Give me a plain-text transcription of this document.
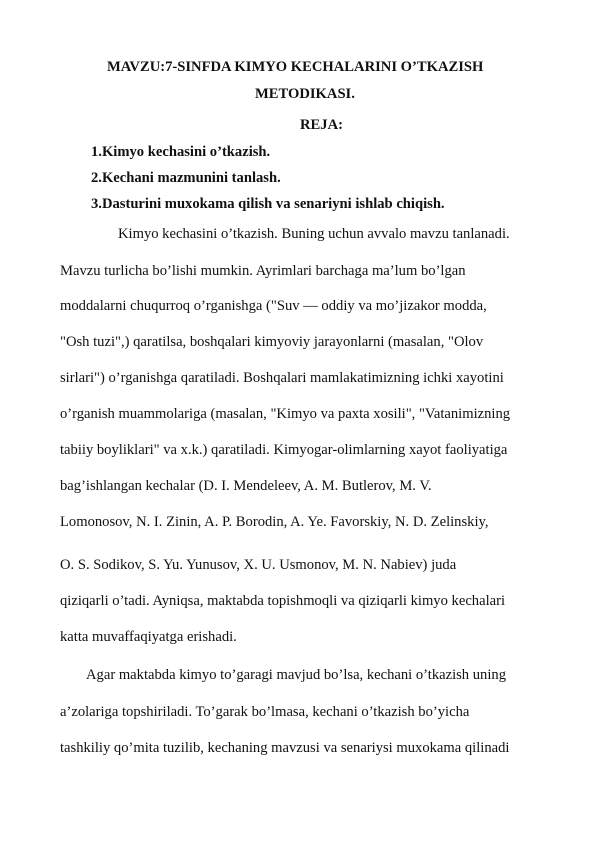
MAVZU:7-SINFDA KIMYO KECHALARINI O’TKAZISH
METODIKASI.
REJA:
1.Kimyo kechasini o’tkazish.
2.Kechani mazmunini tanlash.
3.Dasturini muxokama qilish va senariyni ishlab chiqish.
Kimyo kechasini o’tkazish. Buning uchun avvalo mavzu tanlanadi.
Mavzu turlicha bo’lishi mumkin. Ayrimlari barchaga ma’lum bo’lgan
moddalarni chuqurroq o’rganishga ("Suv — oddiy va mo’jizakor modda,
"Osh tuzi",) qaratilsa, boshqalari kimyoviy jarayonlarni (masalan, "Olov
sirlari") o’rganishga qaratiladi. Boshqalari mamlakatimizning ichki xayotini
o’rganish muammolariga (masalan, "Kimyo va paxta xosili", "Vatanimizning
tabiiy boyliklari" va x.k.) qaratiladi. Kimyogar-olimlarning xayot faoliyatiga
bag’ishlangan kechalar (D. I. Mendeleev, A. M. Butlerov, M. V.
Lomonosov, N. I. Zinin, A. P. Borodin, A. Ye. Favorskiy, N. D. Zelinskiy,
O. S. Sodikov, S. Yu. Yunusov, X. U. Usmonov, M. N. Nabiev) juda
qiziqarli o’tadi. Ayniqsa, maktabda topishmoqli va qiziqarli kimyo kechalari
katta muvaffaqiyatga erishadi.
Agar maktabda kimyo to’garagi mavjud bo’lsa, kechani o’tkazish uning
a’zolariga topshiriladi. To’garak bo’lmasa, kechani o’tkazish bo’yicha
tashkiliy qo’mita tuzilib, kechaning mavzusi va senariysi muxokama qilinadi
